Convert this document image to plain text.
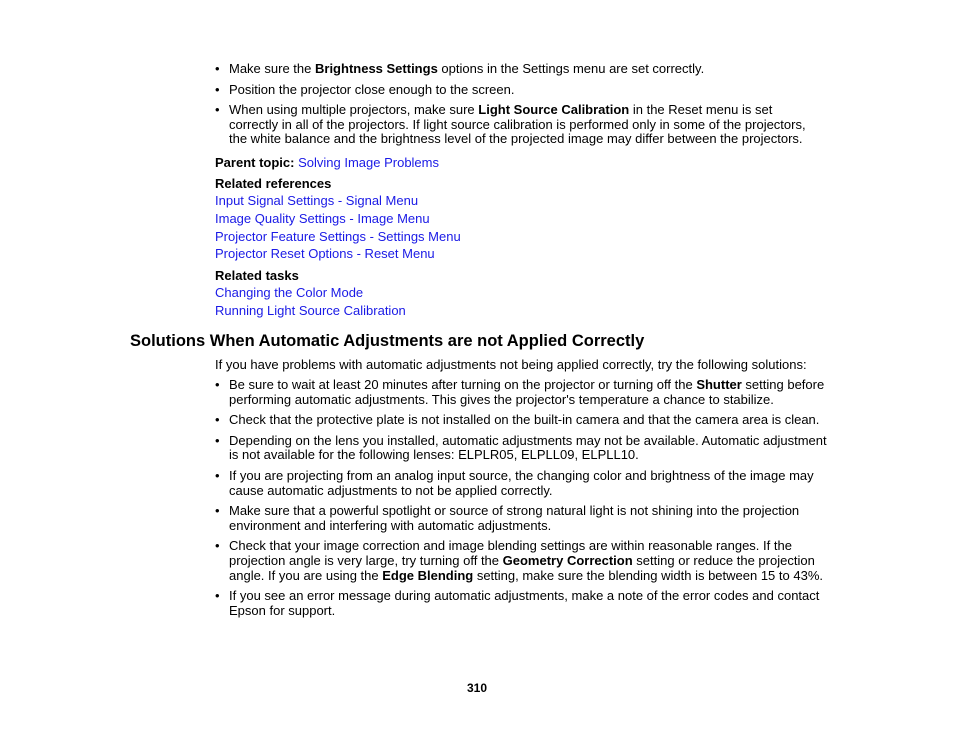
• Make sure the Brightness Settings options in the Settings menu are set correctly.
• Position the projector close enough to the screen.
• When using multiple projectors, make sure Light Source Calibration in the Reset menu is set correctly in all of the projectors. If light source calibration is performed only in some of the projectors, the white balance and the brightness level of the projected image may differ between the projectors.
Parent topic: Solving Image Problems
Related references
Input Signal Settings - Signal Menu
Image Quality Settings - Image Menu
Projector Feature Settings - Settings Menu
Projector Reset Options - Reset Menu
Related tasks
Changing the Color Mode
Running Light Source Calibration
Solutions When Automatic Adjustments are not Applied Correctly

If you have problems with automatic adjustments not being applied correctly, try the following solutions:

• Be sure to wait at least 20 minutes after turning on the projector or turning off the Shutter setting before performing automatic adjustments. This gives the projector's temperature a chance to stabilize.
• Check that the protective plate is not installed on the built-in camera and that the camera area is clean.
• Depending on the lens you installed, automatic adjustments may not be available. Automatic adjustment is not available for the following lenses: ELPLR05, ELPLL09, ELPLL10.
• If you are projecting from an analog input source, the changing color and brightness of the image may cause automatic adjustments to not be applied correctly.
• Make sure that a powerful spotlight or source of strong natural light is not shining into the projection environment and interfering with automatic adjustments.
• Check that your image correction and image blending settings are within reasonable ranges. If the projection angle is very large, try turning off the Geometry Correction setting or reduce the projection angle. If you are using the Edge Blending setting, make sure the blending width is between 15 to 43%.
• If you see an error message during automatic adjustments, make a note of the error codes and contact Epson for support.
310
